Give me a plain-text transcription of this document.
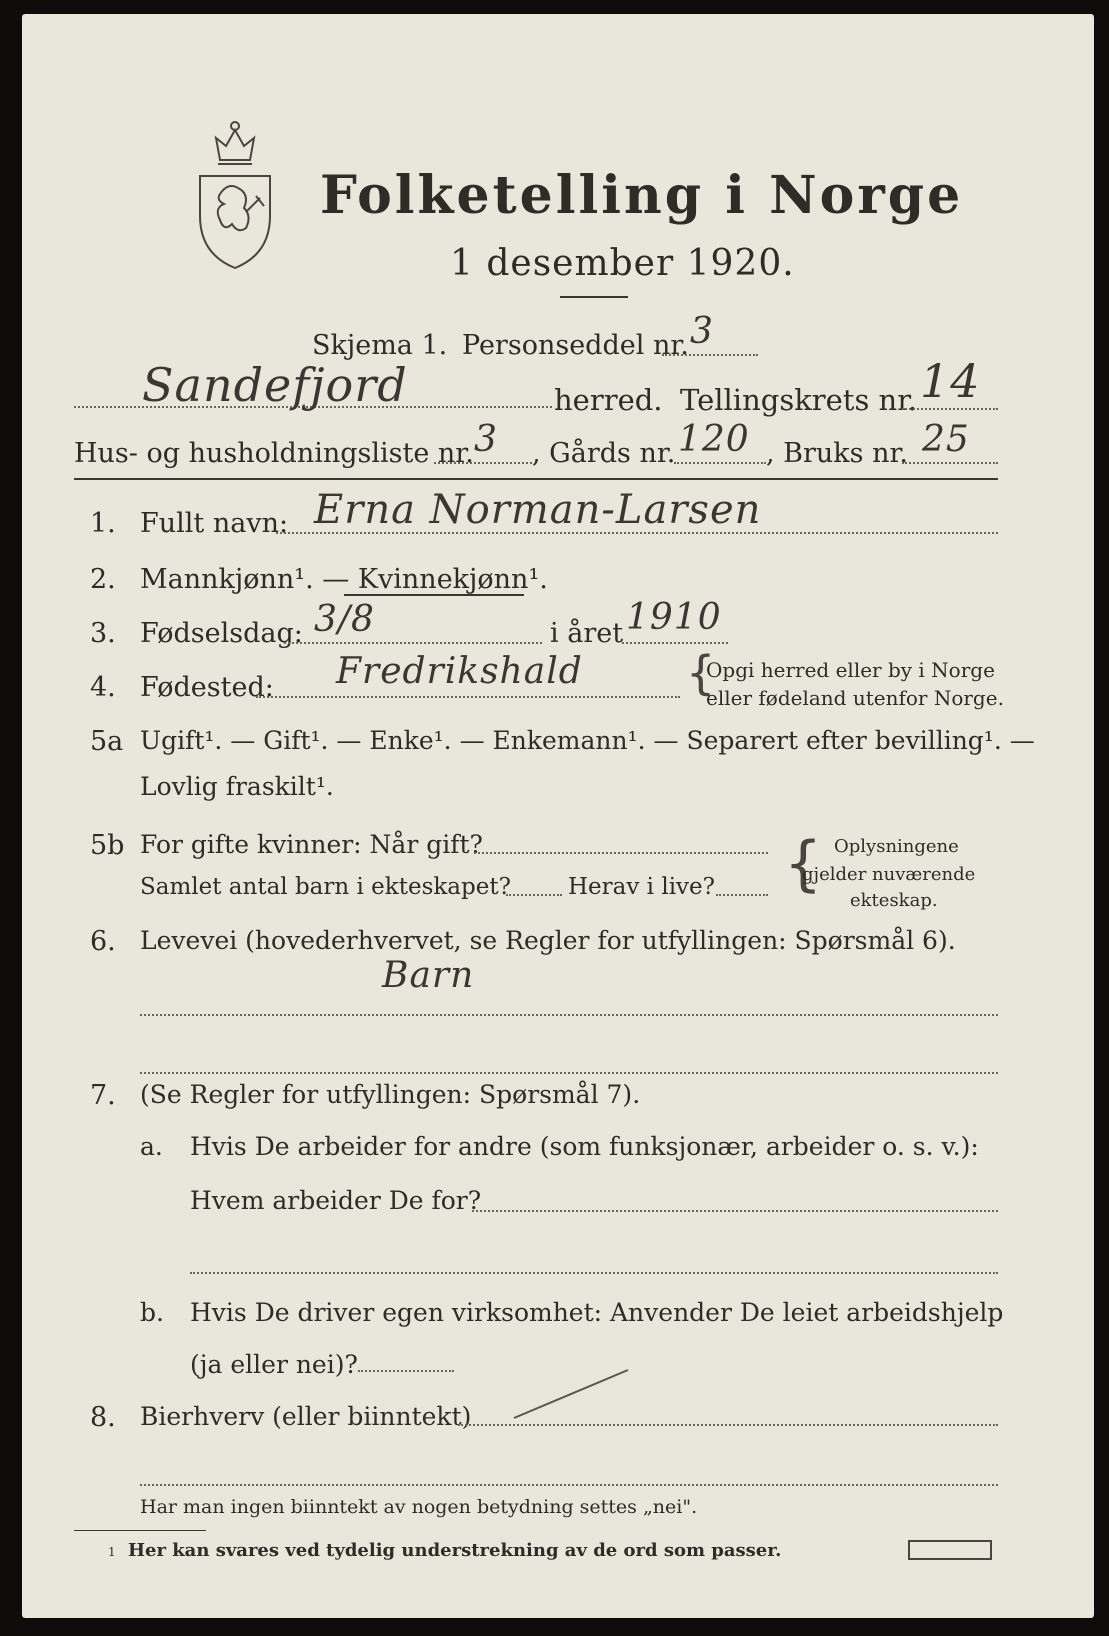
Folketelling i Norge
1 desember 1920.
Skjema 1. Personseddel nr. 3
Sandefjord	herred. Tellingskrets nr. 14
Hus- og husholdningsliste nr. 3 , Gårds nr. 120 , Bruks nr. 25
1. Fullt navn: Erna Norman-Larsen
2. Mannkjønn¹. — Kvinnekjønn¹.
3. Fødselsdag: 3/8	i året 1910
4. Fødested: Fredrikshald {
Opgi herred eller by i Norge
eller fødeland utenfor Norge.
5a Ugift¹. — Gift¹. — Enke¹. — Enkemann¹. — Separert efter bevilling¹. —
Lovlig fraskilt¹.
5b For gifte kvinner: Når gift?
Samlet antal barn i ekteskapet? Herav i live? { Oplysningene
gjelder nuværende
ekteskap.
6. Levevei (hovederhvervet, se Regler for utfyllingen: Spørsmål 6).
Barn
7. (Se Regler for utfyllingen: Spørsmål 7).
a. Hvis De arbeider for andre (som funksjonær, arbeider o. s. v.):
Hvem arbeider De for?
b. Hvis De driver egen virksomhet: Anvender De leiet arbeidshjelp
(ja eller nei)?
8. Bierhverv (eller biinntekt)
Har man ingen biinntekt av nogen betydning settes „nei".
1 Her kan svares ved tydelig understrekning av de ord som passer.
